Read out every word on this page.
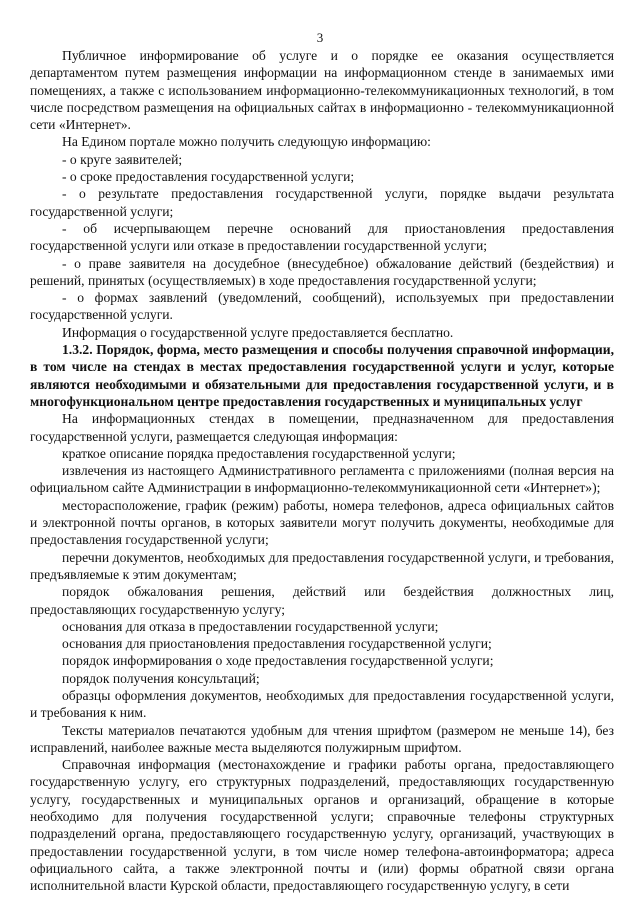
3

Публичное информирование об услуге и о порядке ее оказания осуществляется департаментом путем размещения информации на информационном стенде в занимаемых ими помещениях, а также с использованием информационно-телекоммуникационных технологий, в том числе посредством размещения на официальных сайтах в информационно - телекоммуникационной сети «Интернет».

На Едином портале можно получить следующую информацию:

- о круге заявителей;

- о сроке предоставления государственной услуги;

- о результате предоставления государственной услуги, порядке выдачи результата государственной услуги;

- об исчерпывающем перечне оснований для приостановления предоставления государственной услуги или отказе в предоставлении государственной услуги;

- о праве заявителя на досудебное (внесудебное) обжалование действий (бездействия) и решений, принятых (осуществляемых) в ходе предоставления государственной услуги;

- о формах заявлений (уведомлений, сообщений), используемых при предоставлении государственной услуги.

Информация о государственной услуге предоставляется бесплатно.

1.3.2. Порядок, форма, место размещения и способы получения справочной информации, в том числе на стендах в местах предоставления государственной услуги и услуг, которые являются необходимыми и обязательными для предоставления государственной услуги, и в многофункциональном центре предоставления государственных и муниципальных услуг

На информационных стендах в помещении, предназначенном для предоставления государственной услуги, размещается следующая информация:

краткое описание порядка предоставления государственной услуги;

извлечения из настоящего Административного регламента с приложениями (полная версия на официальном сайте Администрации в информационно-телекоммуникационной сети «Интернет»);

месторасположение, график (режим) работы, номера телефонов, адреса официальных сайтов и электронной почты органов, в которых заявители могут получить документы, необходимые для предоставления государственной услуги;

перечни документов, необходимых для предоставления государственной услуги, и требования, предъявляемые к этим документам;

порядок обжалования решения, действий или бездействия должностных лиц, предоставляющих государственную услугу;

основания для отказа в предоставлении государственной услуги;

основания для приостановления предоставления государственной услуги;

порядок информирования о ходе предоставления государственной услуги;

порядок получения консультаций;

образцы оформления документов, необходимых для предоставления государственной услуги, и требования к ним.

Тексты материалов печатаются удобным для чтения шрифтом (размером не меньше 14), без исправлений, наиболее важные места выделяются полужирным шрифтом.

Справочная информация (местонахождение и графики работы органа, предоставляющего государственную услугу, его структурных подразделений, предоставляющих государственную услугу, государственных и муниципальных органов и организаций, обращение в которые необходимо для получения государственной услуги; справочные телефоны структурных подразделений органа, предоставляющего государственную услугу, организаций, участвующих в предоставлении государственной услуги, в том числе номер телефона-автоинформатора; адреса официального сайта, а также электронной почты и (или) формы обратной связи органа исполнительной власти Курской области, предоставляющего государственную услугу, в сети
